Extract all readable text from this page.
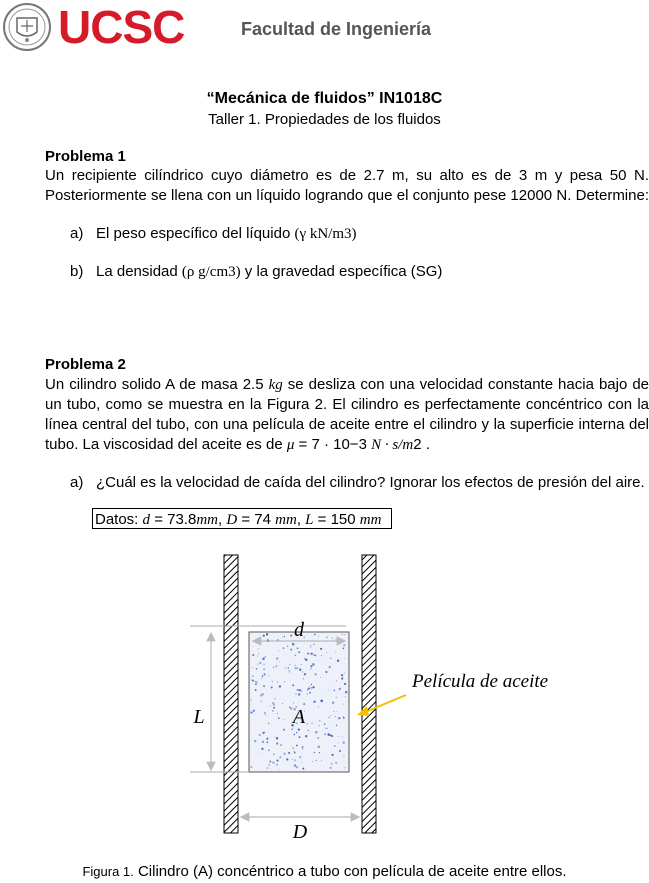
UCSC	Facultad de Ingeniería
“Mecánica de fluidos” IN1018C
Taller 1. Propiedades de los fluidos
Problema 1
Un recipiente cilíndrico cuyo diámetro es de 2.7 m, su alto es de 3 m y pesa 50 N.
Posteriormente se llena con un líquido logrando que el conjunto pese 12000 N. Determine:
a) El peso específico del líquido (γ kN/m3)
b) La densidad (ρ g/cm3) y la gravedad específica (SG)
Problema 2
Un cilindro solido A de masa 2.5 kg se desliza con una velocidad constante hacia bajo de
un tubo, como se muestra en la Figura 2. El cilindro es perfectamente concéntrico con la
línea central del tubo, con una película de aceite entre el cilindro y la superficie interna del
tubo. La viscosidad del aceite es de μ = 7 · 10−3 N · s/m2 .
a) ¿Cuál es la velocidad de caída del cilindro? Ignorar los efectos de presión del aire.
Datos: d = 73.8mm, D = 74 mm, L = 150 mm
d
L	A
D
Película de aceite
Figura 1. Cilindro (A) concéntrico a tubo con película de aceite entre ellos.
